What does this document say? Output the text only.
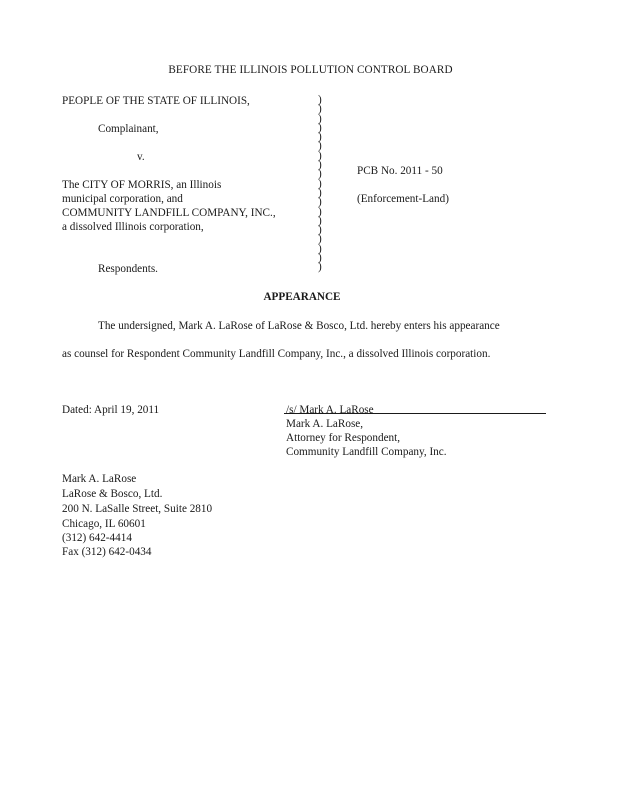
BEFORE THE ILLINOIS POLLUTION CONTROL BOARD
PEOPLE OF THE STATE OF ILLINOIS,
Complainant,
v.
The CITY OF MORRIS, an Illinois
municipal corporation, and
COMMUNITY LANDFILL COMPANY, INC.,
a dissolved Illinois corporation,
Respondents.
)
)
)
)
)
)
)
)
)
)
)
)
)
)
)
)
)
)
)
PCB No. 2011 - 50
(Enforcement-Land)
APPEARANCE
The undersigned, Mark A. LaRose of LaRose & Bosco, Ltd. hereby enters his appearance
as counsel for Respondent Community Landfill Company, Inc., a dissolved Illinois corporation.
Dated: April 19, 2011	/s/ Mark A. LaRose
Mark A. LaRose,
Attorney for Respondent,
Community Landfill Company, Inc.
Mark A. LaRose
LaRose & Bosco, Ltd.
200 N. LaSalle Street, Suite 2810
Chicago, IL 60601
(312) 642-4414
Fax (312) 642-0434
